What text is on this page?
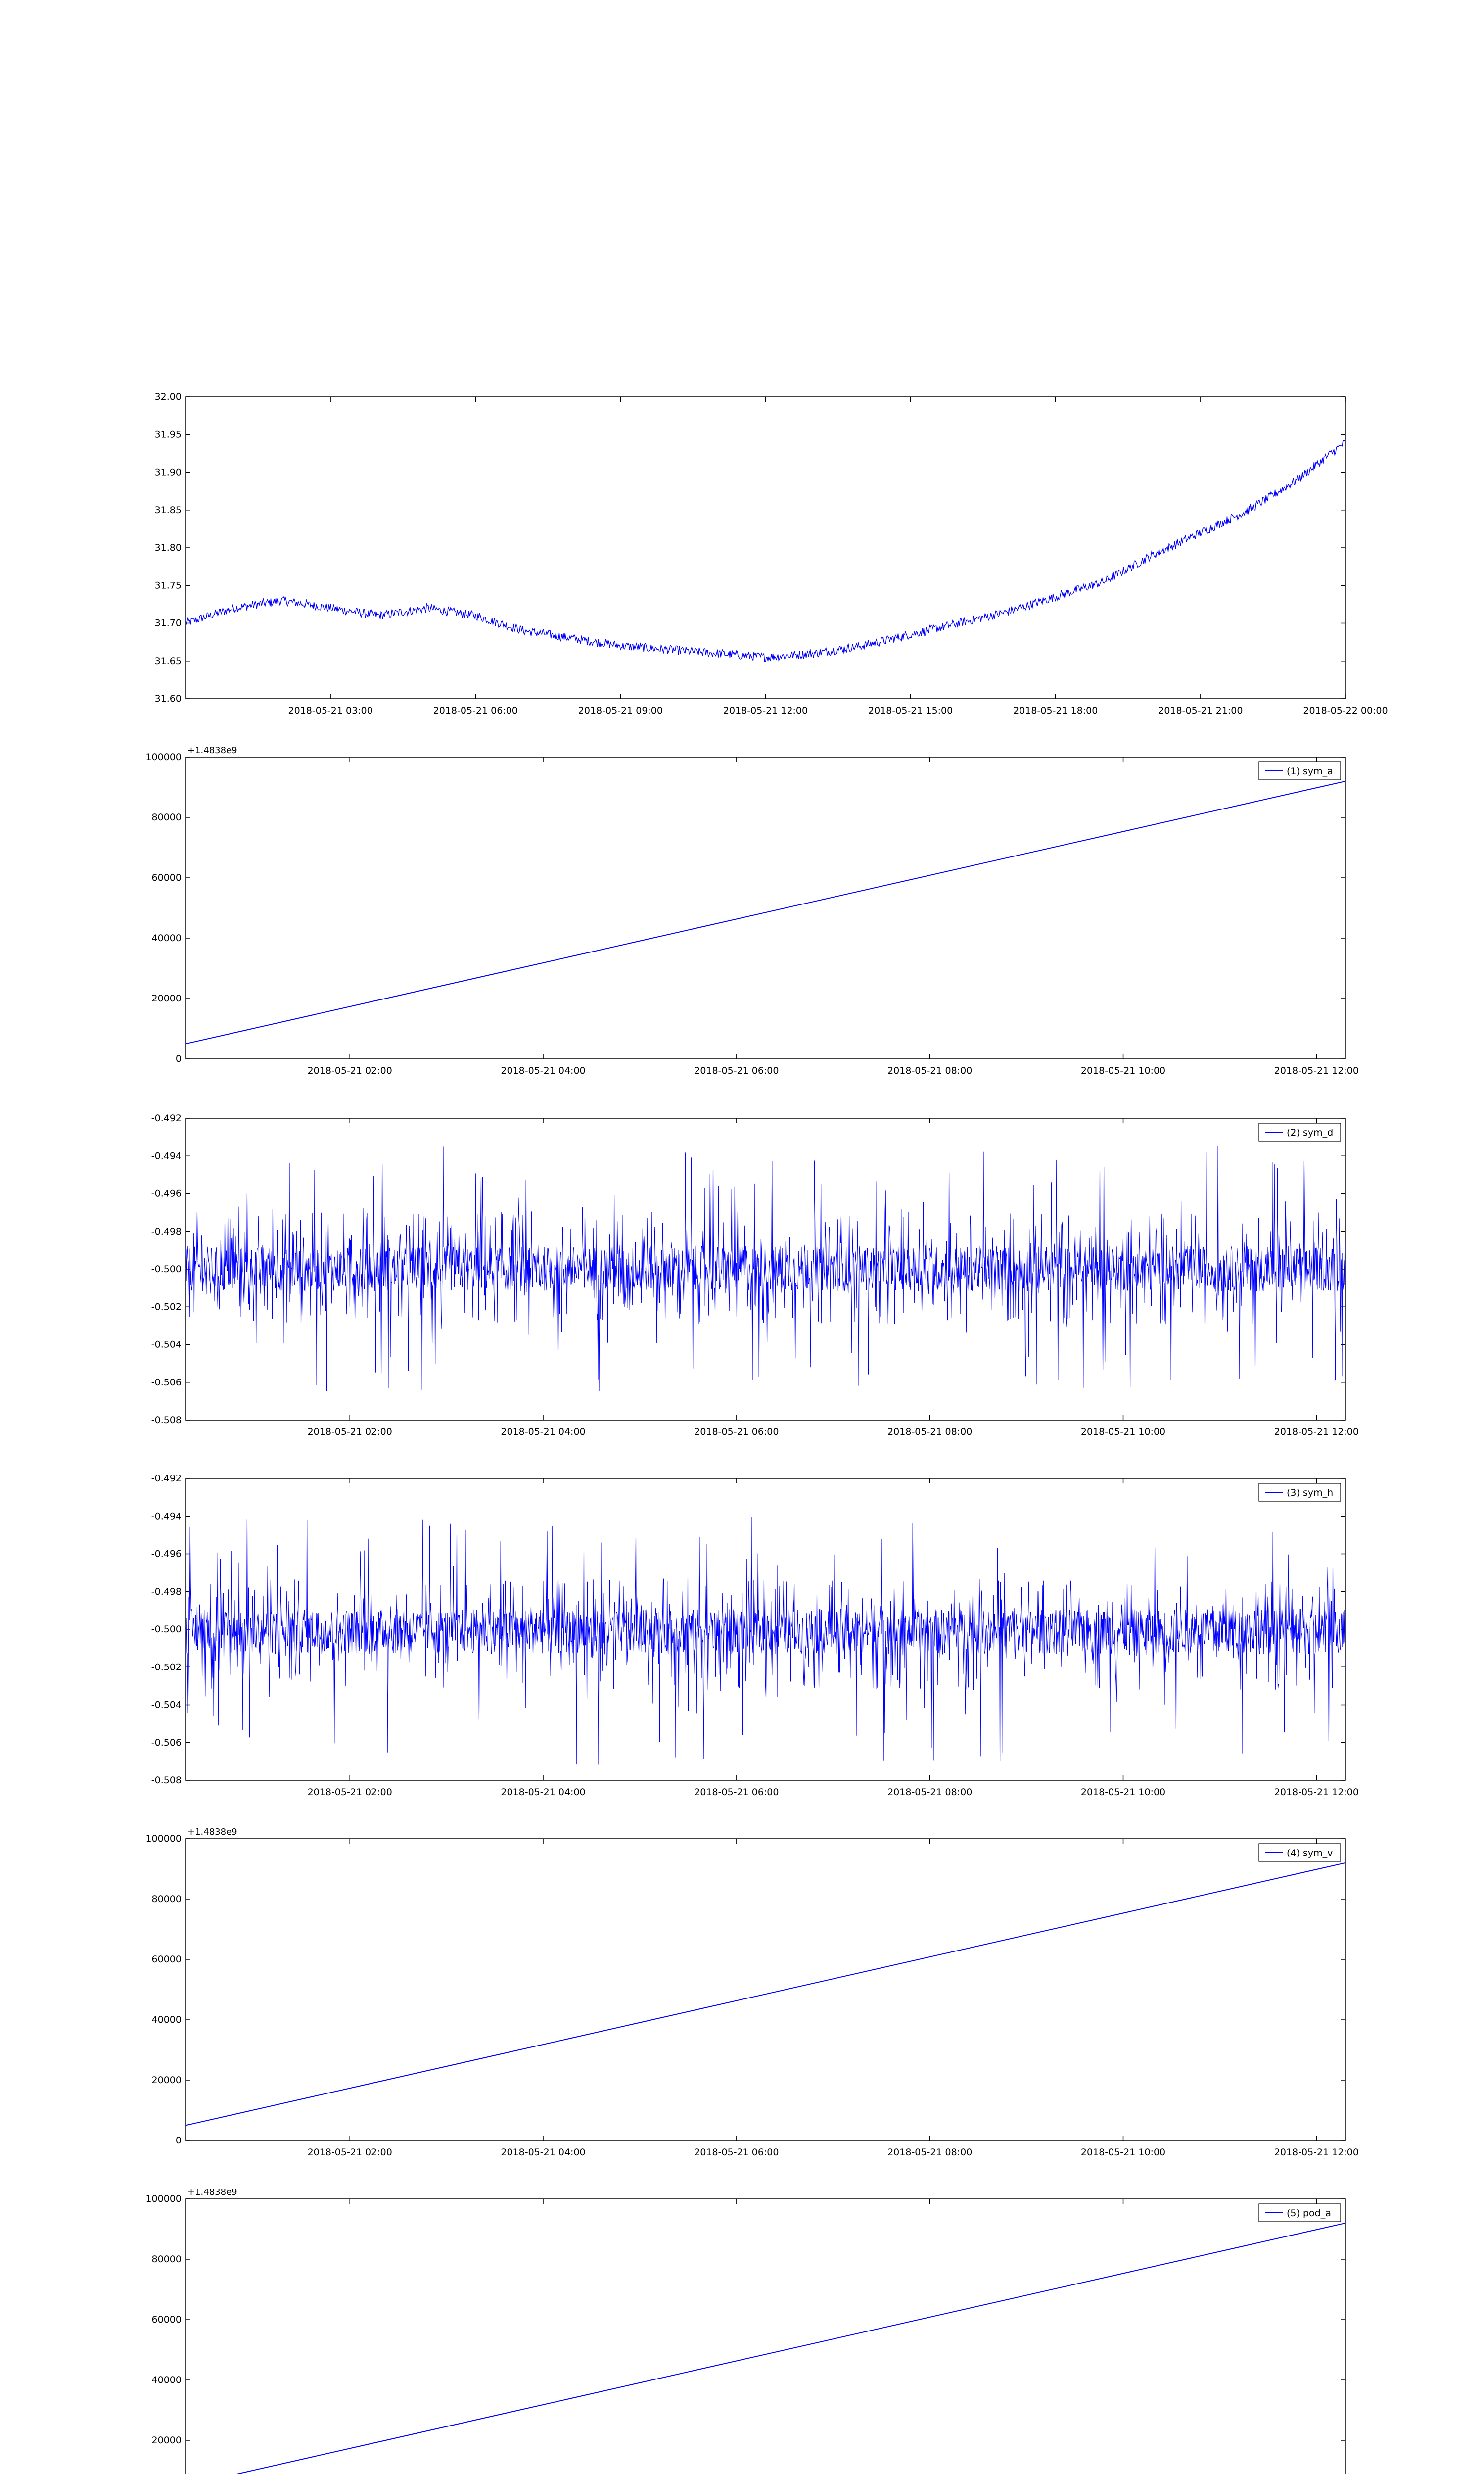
31.60
31.65
31.70
31.75
31.80
31.85
31.90
31.95
32.00
2018-05-21 03:00	2018-05-21 06:00	2018-05-21 09:00	2018-05-21 12:00	2018-05-21 15:00	2018-05-21 18:00	2018-05-21 21:00	2018-05-22 00:00
0
20000
40000
60000
80000
100000
2018-05-21 02:00	2018-05-21 04:00	2018-05-21 06:00	2018-05-21 08:00	2018-05-21 10:00	2018-05-21 12:00
+1.4838e9
(1) sym_a
-0.508
-0.506
-0.504
-0.502
-0.500
-0.498
-0.496
-0.494
-0.492
2018-05-21 02:00	2018-05-21 04:00	2018-05-21 06:00	2018-05-21 08:00	2018-05-21 10:00	2018-05-21 12:00
(2) sym_d
-0.508
-0.506
-0.504
-0.502
-0.500
-0.498
-0.496
-0.494
-0.492
2018-05-21 02:00	2018-05-21 04:00	2018-05-21 06:00	2018-05-21 08:00	2018-05-21 10:00	2018-05-21 12:00
(3) sym_h
0
20000
40000
60000
80000
100000
2018-05-21 02:00	2018-05-21 04:00	2018-05-21 06:00	2018-05-21 08:00	2018-05-21 10:00	2018-05-21 12:00
+1.4838e9
(4) sym_v
20000
40000
60000
80000
100000
+1.4838e9
(5) pod_a
